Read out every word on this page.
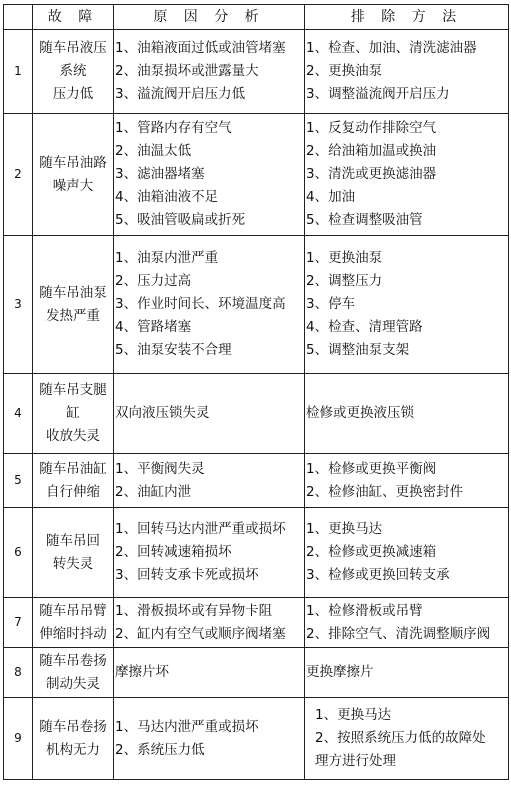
	故 障	原 因 分 析	排 除 方 法
1	随车吊液压
系统
压力低	1、油箱液面过低或油管堵塞
2、油泵损坏或泄露量大
3、溢流阀开启压力低	1、检查、加油、清洗滤油器
2、更换油泵
3、调整溢流阀开启压力

2	随车吊油路
噪声大	1、管路内存有空气
2、油温太低
3、滤油器堵塞
4、油箱油液不足
5、吸油管吸扁或折死	1、反复动作排除空气
2、给油箱加温或换油
3、清洗或更换滤油器
4、加油
5、检查调整吸油管

3	随车吊油泵
发热严重	1、油泵内泄严重
2、压力过高
3、作业时间长、环境温度高
4、管路堵塞
5、油泵安装不合理	1、更换油泵
2、调整压力
3、停车
4、检查、清理管路
5、调整油泵支架

4	随车吊支腿
缸
收放失灵	双向液压锁失灵	检修或更换液压锁

5	随车吊油缸
自行伸缩	1、平衡阀失灵
2、油缸内泄	1、检修或更换平衡阀
2、检修油缸、更换密封件

6	随车吊回
转失灵	1、回转马达内泄严重或损坏
2、回转减速箱损坏
3、回转支承卡死或损坏	1、更换马达
2、检修或更换减速箱
3、检修或更换回转支承

7	随车吊吊臂
伸缩时抖动	1、滑板损坏或有异物卡阻
2、缸内有空气或顺序阀堵塞	1、检修滑板或吊臂
2、排除空气、清洗调整顺序阀

8	随车吊卷扬
制动失灵	摩擦片坏	更换摩擦片

9	随车吊卷扬
机构无力	1、马达内泄严重或损坏
2、系统压力低	1、更换马达
2、按照系统压力低的故障处
理方进行处理
